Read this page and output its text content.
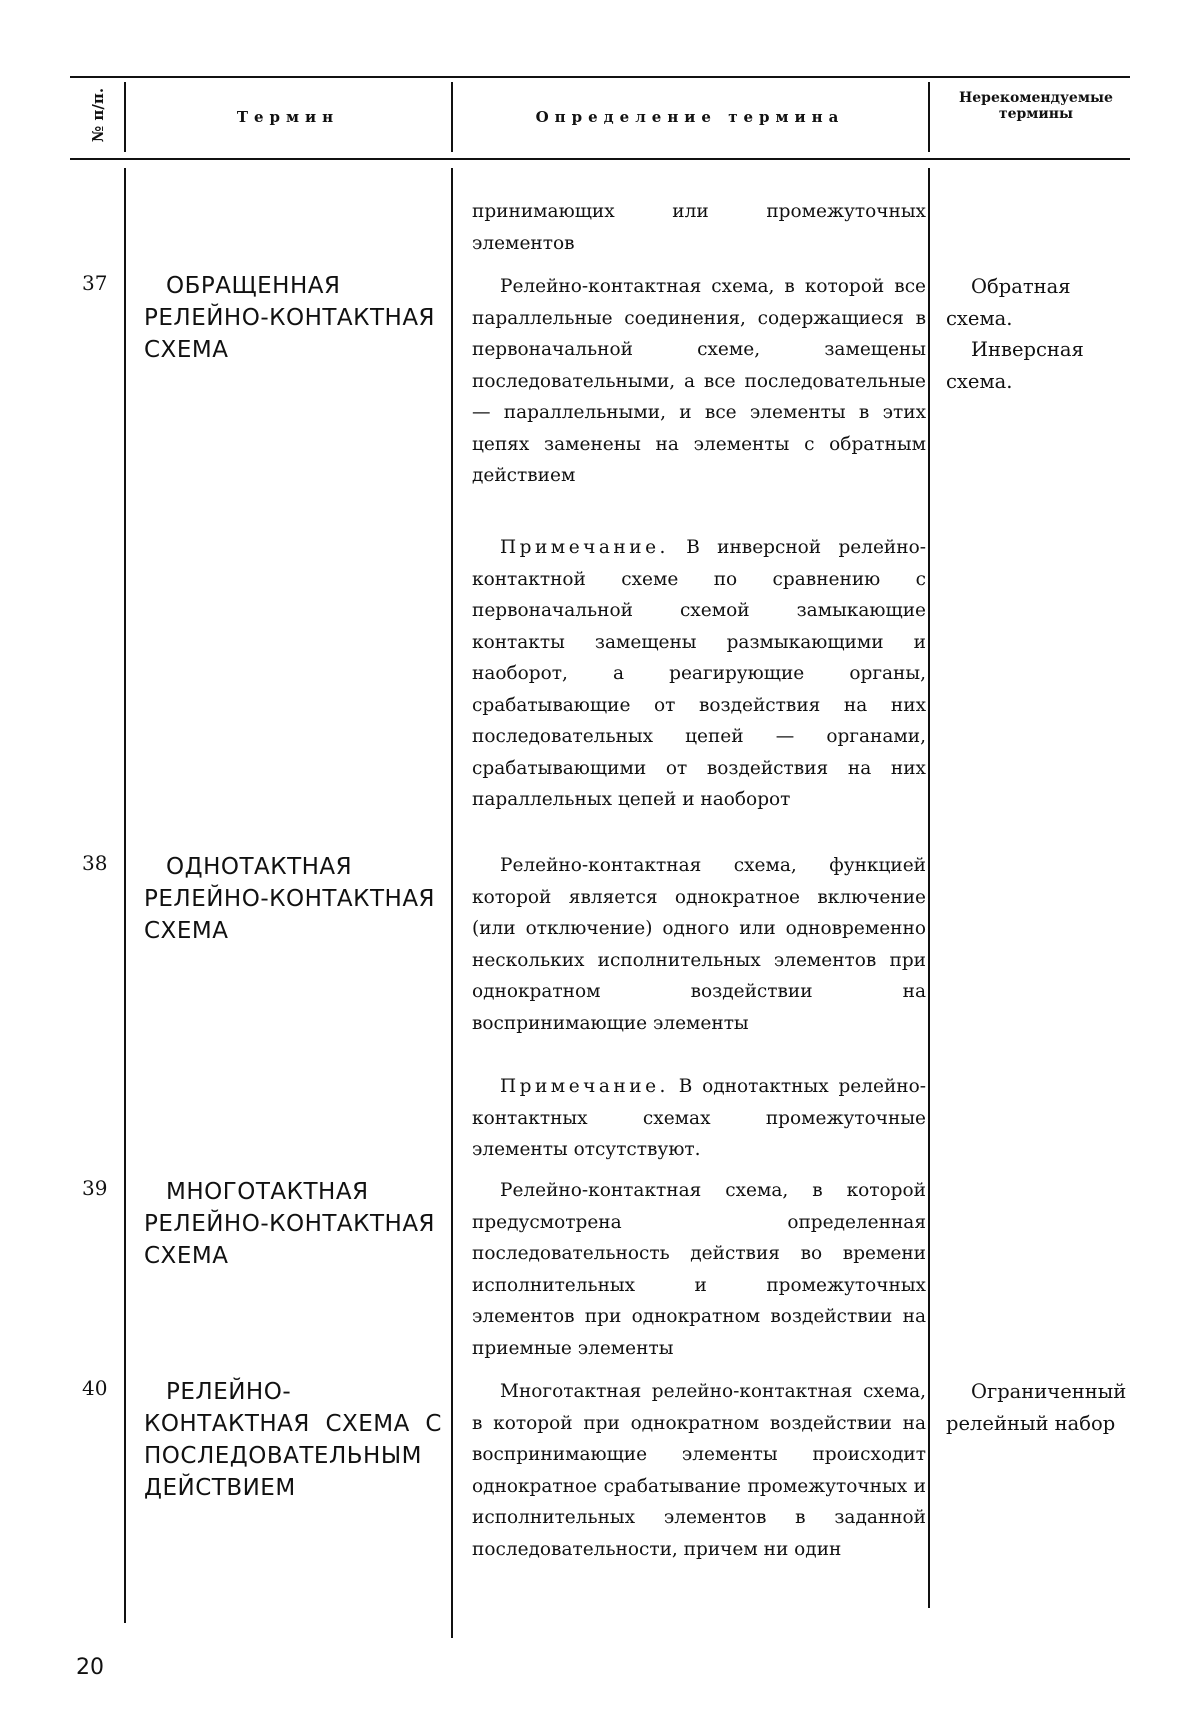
№ п/п.	Термин	Определение термина
Нерекомендуемые термины
принимающих или промежуточных элементов
37	ОБРАЩЕННАЯ РЕЛЕЙНО-КОНТАКТНАЯ СХЕМА
Релейно-контактная схема, в которой все параллельные соединения, содержащиеся в первоначальной схеме, замещены последовательными, а все последовательные — параллельными, и все элементы в этих цепях заменены на элементы с обратным действием
Примечание. В инверсной релейно-контактной схеме по сравнению с первоначальной схемой замыкающие контакты замещены размыкающими и наоборот, а реагирующие органы, срабатывающие от воздействия на них последовательных цепей — органами, срабатывающими от воздействия на них параллельных цепей и наоборот
Обратная схема.
Инверсная схема.
38	ОДНОТАКТНАЯ РЕЛЕЙНО-КОНТАКТНАЯ СХЕМА
Релейно-контактная схема, функцией которой является однократное включение (или отключение) одного или одновременно нескольких исполнительных элементов при однократном воздействии на воспринимающие элементы
Примечание. В однотактных релейно-контактных схемах промежуточные элементы отсутствуют.
39	МНОГОТАКТНАЯ РЕЛЕЙНО-КОНТАКТНАЯ СХЕМА
Релейно-контактная схема, в которой предусмотрена определенная последовательность действия во времени исполнительных и промежуточных элементов при однократном воздействии на приемные элементы
40	РЕЛЕЙНО-КОНТАКТНАЯ СХЕМА С ПОСЛЕДОВАТЕЛЬНЫМ ДЕЙСТВИЕМ
Многотактная релейно-контактная схема, в которой при однократном воздействии на воспринимающие элементы происходит однократное срабатывание промежуточных и исполнительных элементов в заданной последовательности, причем ни один
Ограниченный релейный набор
20
